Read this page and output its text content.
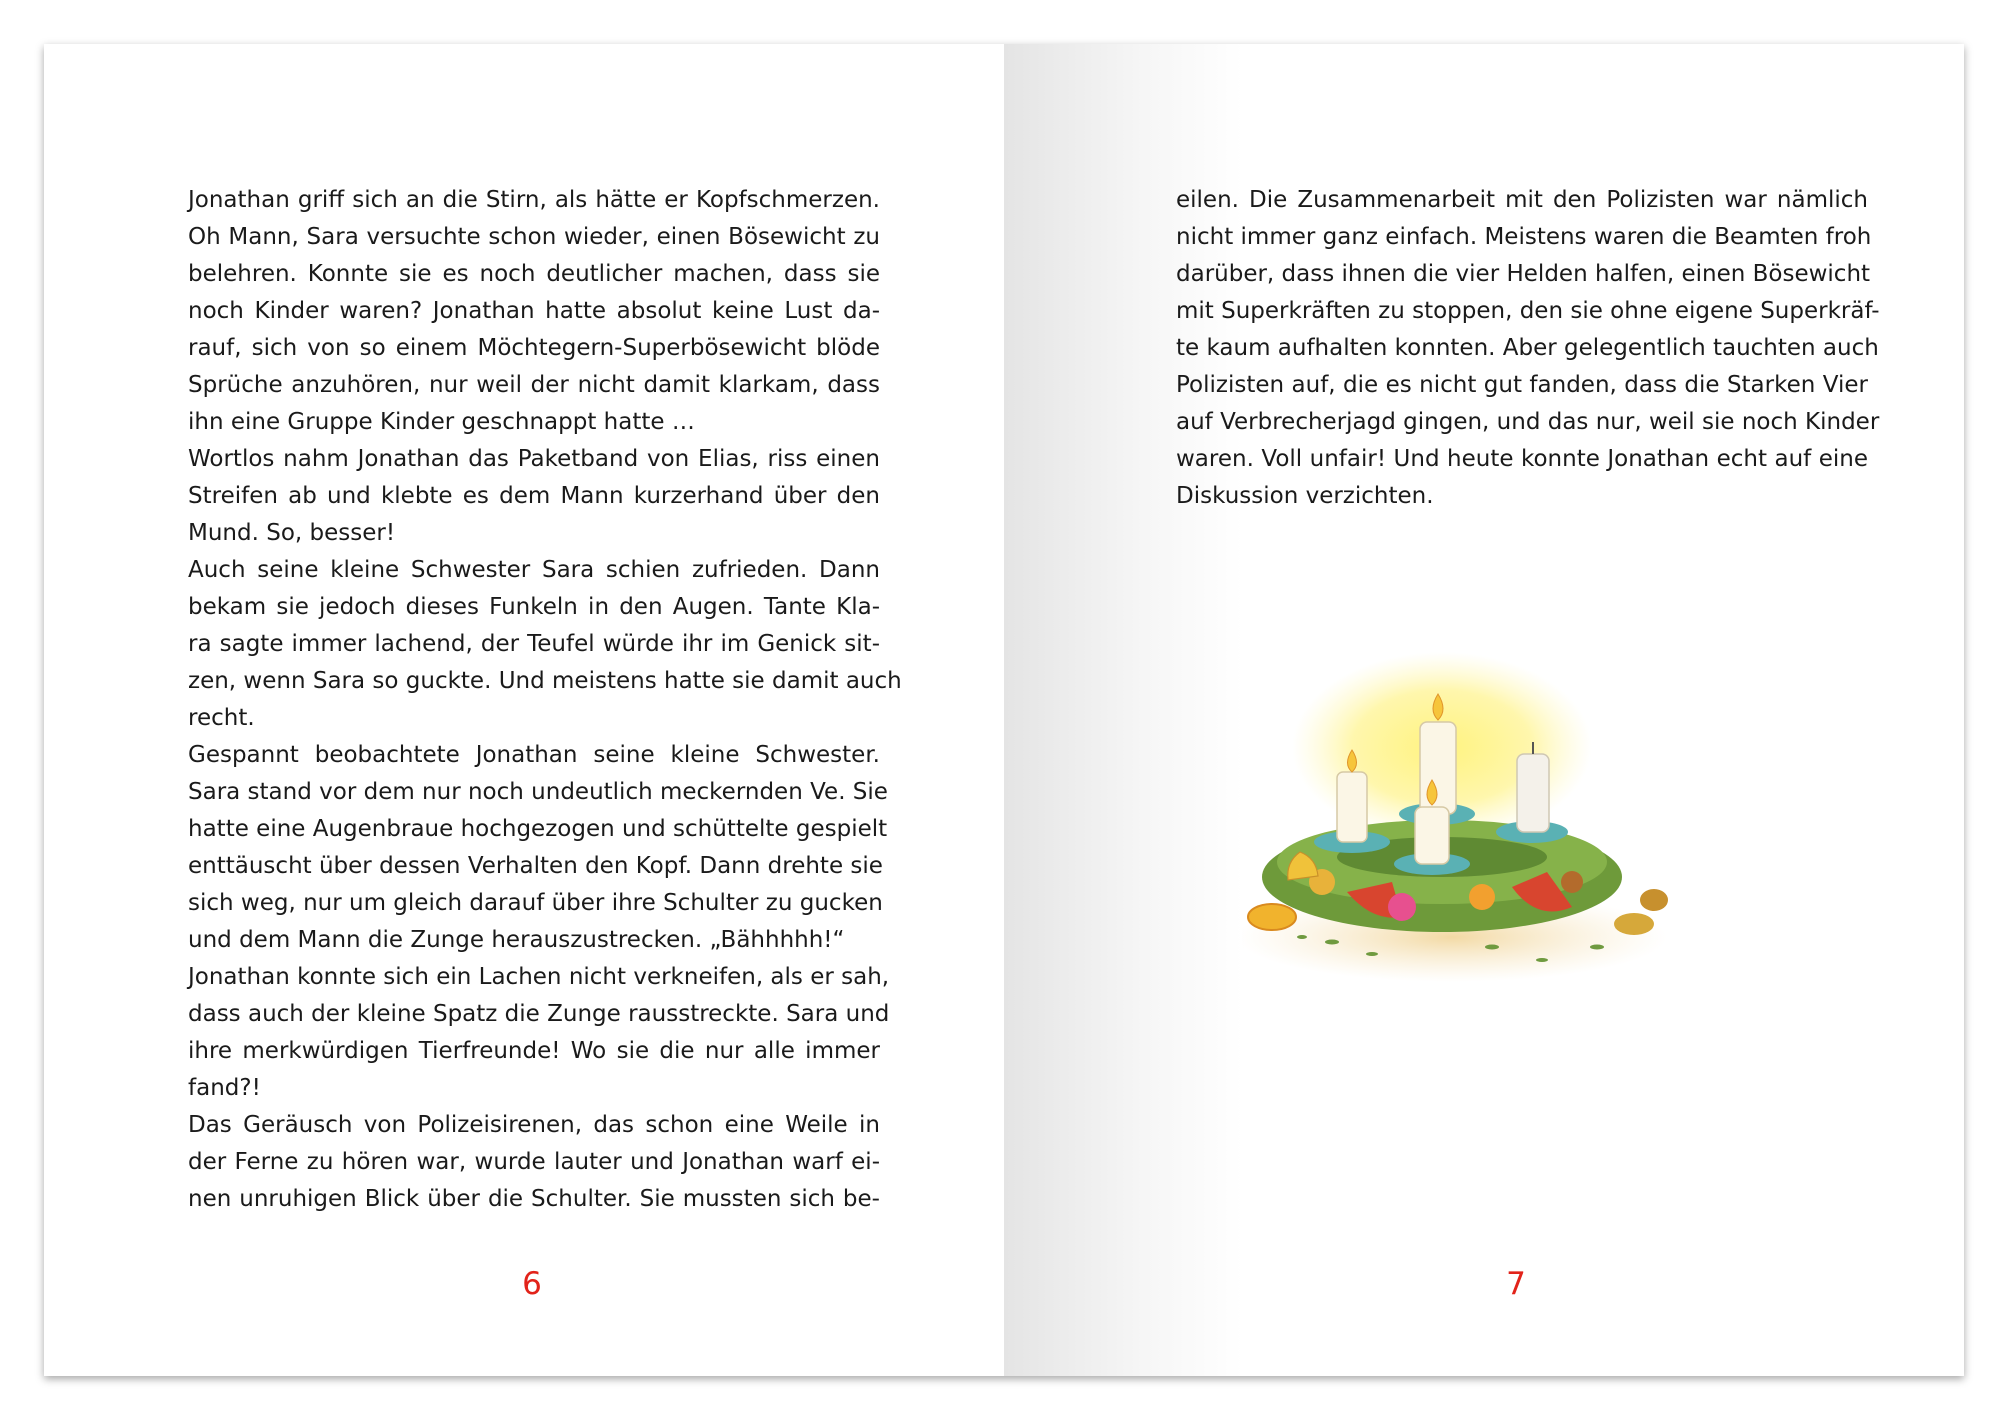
Jonathan griff sich an die Stirn, als hätte er Kopfschmerzen.
Oh Mann, Sara versuchte schon wieder, einen Bösewicht zu
belehren. Konnte sie es noch deutlicher machen, dass sie
noch Kinder waren? Jonathan hatte absolut keine Lust da-
rauf, sich von so einem Möchtegern-Superbösewicht blöde
Sprüche anzuhören, nur weil der nicht damit klarkam, dass
ihn eine Gruppe Kinder geschnappt hatte …
Wortlos nahm Jonathan das Paketband von Elias, riss einen
Streifen ab und klebte es dem Mann kurzerhand über den
Mund. So, besser!
Auch seine kleine Schwester Sara schien zufrieden. Dann
bekam sie jedoch dieses Funkeln in den Augen. Tante Kla-
ra sagte immer lachend, der Teufel würde ihr im Genick sit-
zen, wenn Sara so guckte. Und meistens hatte sie damit auch
recht.
Gespannt beobachtete Jonathan seine kleine Schwester.
Sara stand vor dem nur noch undeutlich meckernden Ve. Sie
hatte eine Augenbraue hochgezogen und schüttelte gespielt
enttäuscht über dessen Verhalten den Kopf. Dann drehte sie
sich weg, nur um gleich darauf über ihre Schulter zu gucken
und dem Mann die Zunge herauszustrecken. „Bähhhhh!“
Jonathan konnte sich ein Lachen nicht verkneifen, als er sah,
dass auch der kleine Spatz die Zunge rausstreckte. Sara und
ihre merkwürdigen Tierfreunde! Wo sie die nur alle immer
fand?!
Das Geräusch von Polizeisirenen, das schon eine Weile in
der Ferne zu hören war, wurde lauter und Jonathan warf ei-
nen unruhigen Blick über die Schulter. Sie mussten sich be-
6
eilen. Die Zusammenarbeit mit den Polizisten war nämlich
nicht immer ganz einfach. Meistens waren die Beamten froh
darüber, dass ihnen die vier Helden halfen, einen Bösewicht
mit Superkräften zu stoppen, den sie ohne eigene Superkräf-
te kaum aufhalten konnten. Aber gelegentlich tauchten auch
Polizisten auf, die es nicht gut fanden, dass die Starken Vier
auf Verbrecherjagd gingen, und das nur, weil sie noch Kinder
waren. Voll unfair! Und heute konnte Jonathan echt auf eine
Diskussion verzichten.
7
